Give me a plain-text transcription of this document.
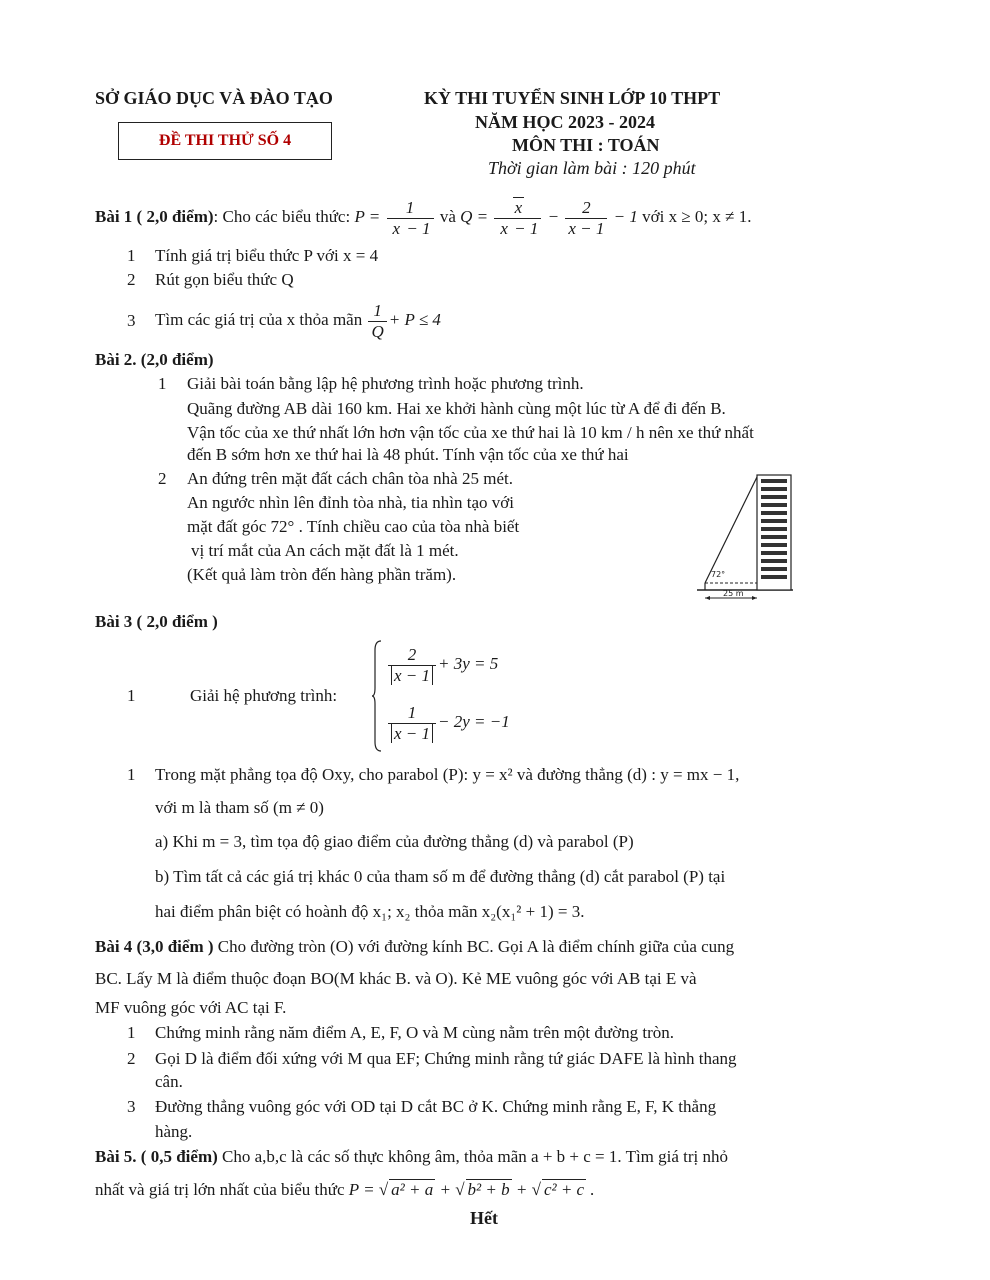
SỞ GIÁO DỤC VÀ ĐÀO TẠO	KỲ THI TUYỂN SINH LỚP 10 THPT
NĂM HỌC 2023 - 2024
ĐỀ THI THỬ SỐ 4	MÔN THI : TOÁN
Thời gian làm bài : 120 phút
Bài 1 ( 2,0 điểm): Cho các biểu thức: $P = \frac{1}{x - 1}$ và $Q = \frac{x}{x - 1} - \frac{2}{x - 1} - 1$ với x ≥ 0; x ≠ 1.
1 Tính giá trị biểu thức P với x = 4
2 Rút gọn biểu thức Q
3 Tìm các giá trị của x thỏa mãn $\frac{1}{Q} + P \le 4$
Bài 2. (2,0 điểm)
1 Giải bài toán bằng lập hệ phương trình hoặc phương trình.
Quãng đường AB dài 160 km. Hai xe khởi hành cùng một lúc từ A để đi đến B.
Vận tốc của xe thứ nhất lớn hơn vận tốc của xe thứ hai là 10 km / h nên xe thứ nhất
đến B sớm hơn xe thứ hai là 48 phút. Tính vận tốc của xe thứ hai
2 An đứng trên mặt đất cách chân tòa nhà 25 mét.
An ngước nhìn lên đỉnh tòa nhà, tia nhìn tạo với
mặt đất góc 72° . Tính chiều cao của tòa nhà biết
vị trí mắt của An cách mặt đất là 1 mét.
(Kết quả làm tròn đến hàng phần trăm).	72°
25 m
Bài 3 ( 2,0 điểm )
1	Giải hệ phương trình:
$\frac{2}{x - 1} + 3y = 5$
$\frac{1}{x - 1} - 2y = -1$
1 Trong mặt phẳng tọa độ Oxy, cho parabol (P): y = x² và đường thẳng (d) : y = mx − 1,
với m là tham số (m ≠ 0)
a) Khi m = 3, tìm tọa độ giao điểm của đường thẳng (d) và parabol (P)
b) Tìm tất cả các giá trị khác 0 của tham số m để đường thẳng (d) cắt parabol (P) tại
hai điểm phân biệt có hoành độ x₁; x₂ thỏa mãn x₂(x₁² + 1) = 3.
Bài 4 (3,0 điểm ) Cho đường tròn (O) với đường kính BC. Gọi A là điểm chính giữa của cung
BC. Lấy M là điểm thuộc đoạn BO(M khác B. và O). Kẻ ME vuông góc với AB tại E và
MF vuông góc với AC tại F.
1 Chứng minh rằng năm điểm A, E, F, O và M cùng nằm trên một đường tròn.
2 Gọi D là điểm đối xứng với M qua EF; Chứng minh rằng tứ giác DAFE là hình thang
cân.
3 Đường thẳng vuông góc với OD tại D cắt BC ở K. Chứng minh rằng E, F, K thẳng
hàng.
Bài 5. ( 0,5 điểm) Cho a,b,c là các số thực không âm, thỏa mãn a + b + c = 1. Tìm giá trị nhỏ
nhất và giá trị lớn nhất của biểu thức P = √ a² + a + √ b² + b + √ c² + c .
Hết
